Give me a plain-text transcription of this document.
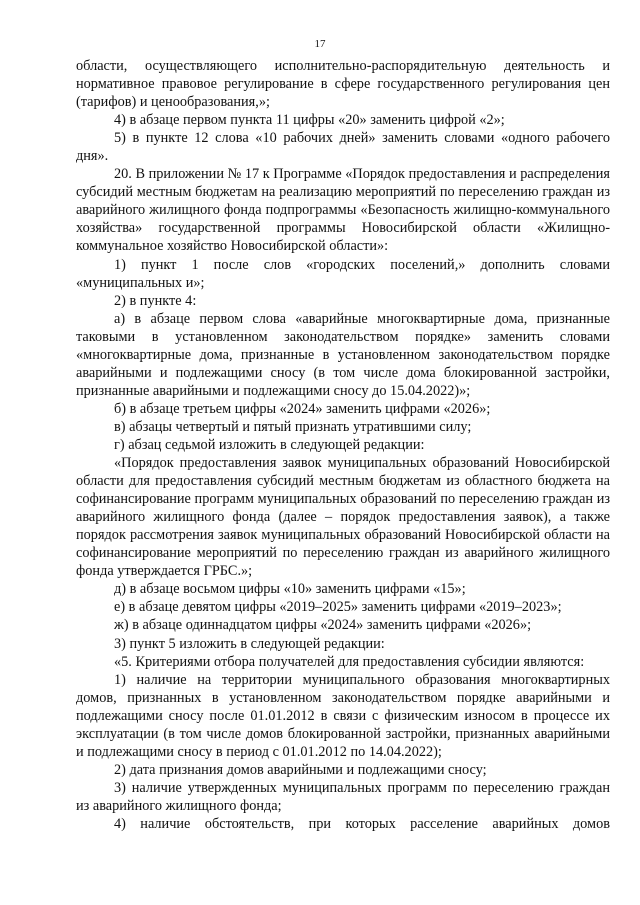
17

области, осуществляющего исполнительно-распорядительную деятельность и нормативное правовое регулирование в сфере государственного регулирования цен (тарифов) и ценообразования,»;

4) в абзаце первом пункта 11 цифры «20» заменить цифрой «2»;

5) в пункте 12 слова «10 рабочих дней» заменить словами «одного рабочего дня».

20. В приложении № 17 к Программе «Порядок предоставления и распределения субсидий местным бюджетам на реализацию мероприятий по переселению граждан из аварийного жилищного фонда подпрограммы «Безопасность жилищно-коммунального хозяйства» государственной программы Новосибирской области «Жилищно-коммунальное хозяйство Новосибирской области»:

1) пункт 1 после слов «городских поселений,» дополнить словами «муниципальных и»;

2) в пункте 4:

а) в абзаце первом слова «аварийные многоквартирные дома, признанные таковыми в установленном законодательством порядке» заменить словами «многоквартирные дома, признанные в установленном законодательством порядке аварийными и подлежащими сносу (в том числе дома блокированной застройки, признанные аварийными и подлежащими сносу до 15.04.2022)»;

б) в абзаце третьем цифры «2024» заменить цифрами «2026»;

в) абзацы четвертый и пятый признать утратившими силу;

г) абзац седьмой изложить в следующей редакции:

«Порядок предоставления заявок муниципальных образований Новосибирской области для предоставления субсидий местным бюджетам из областного бюджета на софинансирование программ муниципальных образований по переселению граждан из аварийного жилищного фонда (далее – порядок предоставления заявок), а также порядок рассмотрения заявок муниципальных образований Новосибирской области на софинансирование мероприятий по переселению граждан из аварийного жилищного фонда утверждается ГРБС.»;

д) в абзаце восьмом цифры «10» заменить цифрами «15»;

е) в абзаце девятом цифры «2019–2025» заменить цифрами «2019–2023»;

ж) в абзаце одиннадцатом цифры «2024» заменить цифрами «2026»;

3) пункт 5 изложить в следующей редакции:

«5. Критериями отбора получателей для предоставления субсидии являются:

1) наличие на территории муниципального образования многоквартирных домов, признанных в установленном законодательством порядке аварийными и подлежащими сносу после 01.01.2012 в связи с физическим износом в процессе их эксплуатации (в том числе домов блокированной застройки, признанных аварийными и подлежащими сносу в период с 01.01.2012 по 14.04.2022);

2) дата признания домов аварийными и подлежащими сносу;

3) наличие утвержденных муниципальных программ по переселению граждан из аварийного жилищного фонда;

4) наличие обстоятельств, при которых расселение аварийных домов
